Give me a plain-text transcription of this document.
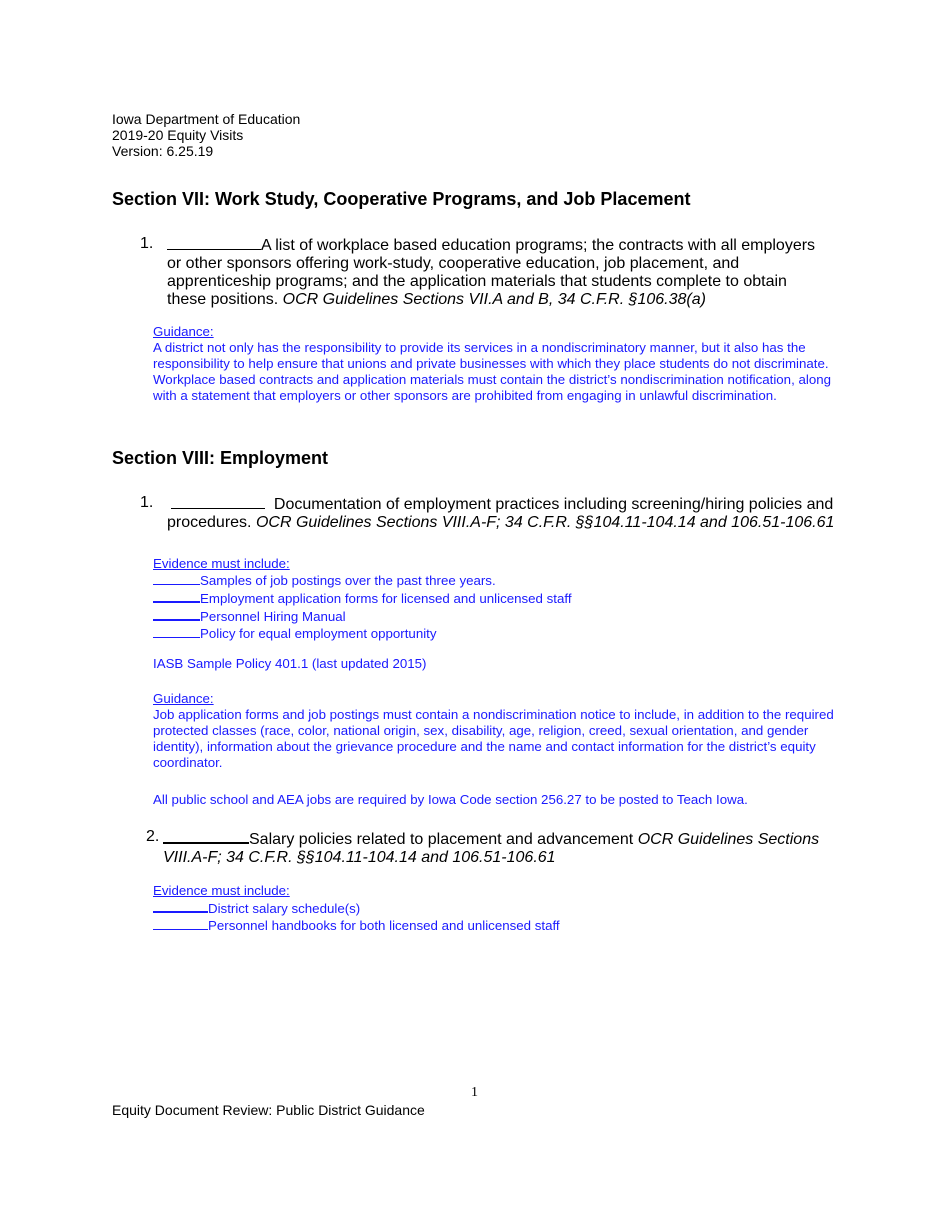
Iowa Department of Education
2019-20 Equity Visits
Version: 6.25.19
Section VII: Work Study, Cooperative Programs, and Job Placement
1.	A list of workplace based education programs; the contracts with all employers or other sponsors offering work-study, cooperative education, job placement, and apprenticeship programs; and the application materials that students complete to obtain these positions. OCR Guidelines Sections VII.A and B, 34 C.F.R. §106.38(a)
Guidance:
A district not only has the responsibility to provide its services in a nondiscriminatory manner, but it also has the responsibility to help ensure that unions and private businesses with which they place students do not discriminate. Workplace based contracts and application materials must contain the district’s nondiscrimination notification, along with a statement that employers or other sponsors are prohibited from engaging in unlawful discrimination.
Section VIII: Employment
1.	Documentation of employment practices including screening/hiring policies and procedures. OCR Guidelines Sections VIII.A-F; 34 C.F.R. §§104.11-104.14 and 106.51-106.61
Evidence must include:
Samples of job postings over the past three years.
Employment application forms for licensed and unlicensed staff
Personnel Hiring Manual
Policy for equal employment opportunity
IASB Sample Policy 401.1 (last updated 2015)
Guidance:
Job application forms and job postings must contain a nondiscrimination notice to include, in addition to the required protected classes (race, color, national origin, sex, disability, age, religion, creed, sexual orientation, and gender identity), information about the grievance procedure and the name and contact information for the district’s equity coordinator.
All public school and AEA jobs are required by Iowa Code section 256.27 to be posted to Teach Iowa.
2.	Salary policies related to placement and advancement OCR Guidelines Sections VIII.A-F; 34 C.F.R. §§104.11-104.14 and 106.51-106.61
Evidence must include:
District salary schedule(s)
Personnel handbooks for both licensed and unlicensed staff
1
Equity Document Review: Public District Guidance
